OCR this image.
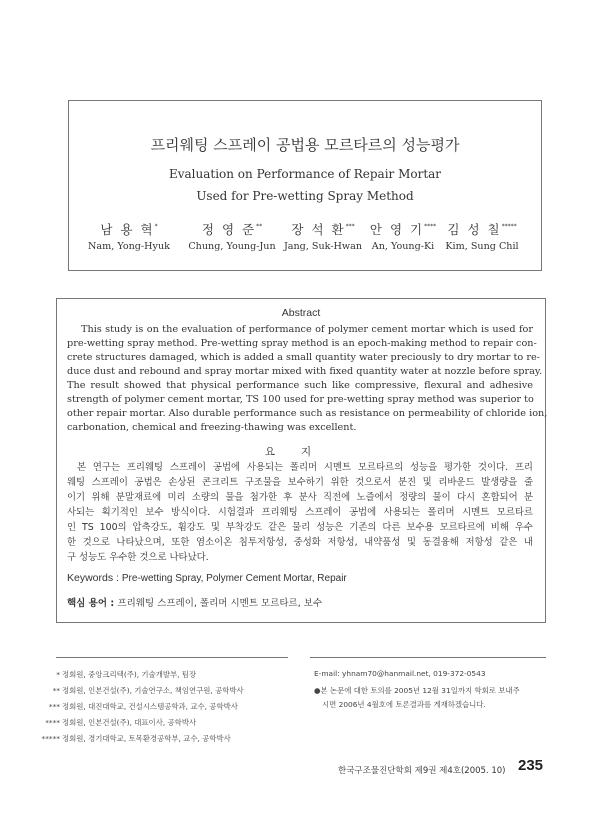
프리웨팅 스프레이 공법용 모르타르의 성능평가
Evaluation on Performance of Repair Mortar
Used for Pre-wetting Spray Method
남 용 혁*
Nam, Yong-Hyuk
정 영 준**
Chung, Young-Jun
장 석 환***
Jang, Suk-Hwan
안 영 기****
An, Young-Ki
김 성 칠*****
Kim, Sung Chil
Abstract
This study is on the evaluation of performance of polymer cement mortar which is used for
pre-wetting spray method. Pre-wetting spray method is an epoch-making method to repair con-
crete structures damaged, which is added a small quantity water preciously to dry mortar to re-
duce dust and rebound and spray mortar mixed with fixed quantity water at nozzle before spray.
The result showed that physical performance such like compressive, flexural and adhesive
strength of polymer cement mortar, TS 100 used for pre-wetting spray method was superior to
other repair mortar. Also durable performance such as resistance on permeability of chloride ion,
carbonation, chemical and freezing-thawing was excellent.
요지
본 연구는 프리웨팅 스프레이 공법에 사용되는 폴리머 시멘트 모르타르의 성능을 평가한 것이다. 프리
웨팅 스프레이 공법은 손상된 콘크리트 구조물을 보수하기 위한 것으로서 분진 및 리바운드 발생량을 줄
이기 위해 분말재료에 미리 소량의 물을 첨가한 후 분사 직전에 노즐에서 정량의 물이 다시 혼합되어 분
사되는 획기적인 보수 방식이다. 시험결과 프리웨팅 스프레이 공법에 사용되는 폴리머 시멘트 모르타르
인 TS 100의 압축강도, 휨강도 및 부착강도 같은 물리 성능은 기존의 다른 보수용 모르타르에 비해 우수
한 것으로 나타났으며, 또한 염소이온 침투저항성, 중성화 저항성, 내약품성 및 동결융해 저항성 같은 내
구 성능도 우수한 것으로 나타났다.
Keywords : Pre-wetting Spray, Polymer Cement Mortar, Repair
핵심 용어 : 프리웨팅 스프레이, 폴리머 시멘트 모르타르, 보수
* 정회원, 중앙크리텍(주), 기술개발부, 팀장
** 정회원, 인본건설(주), 기술연구소, 책임연구원, 공학박사
*** 정회원, 대진대학교, 건설시스템공학과, 교수, 공학박사
**** 정회원, 인본건설(주), 대표이사, 공학박사
***** 정회원, 경기대학교, 토목환경공학부, 교수, 공학박사
E-mail: yhnam70@hanmail.net, 019-372-0543
●본 논문에 대한 토의를 2005년 12월 31일까지 학회로 보내주
시면 2006년 4월호에 토론결과를 게재하겠습니다.
한국구조물진단학회 제9권 제4호(2005. 10) 235
